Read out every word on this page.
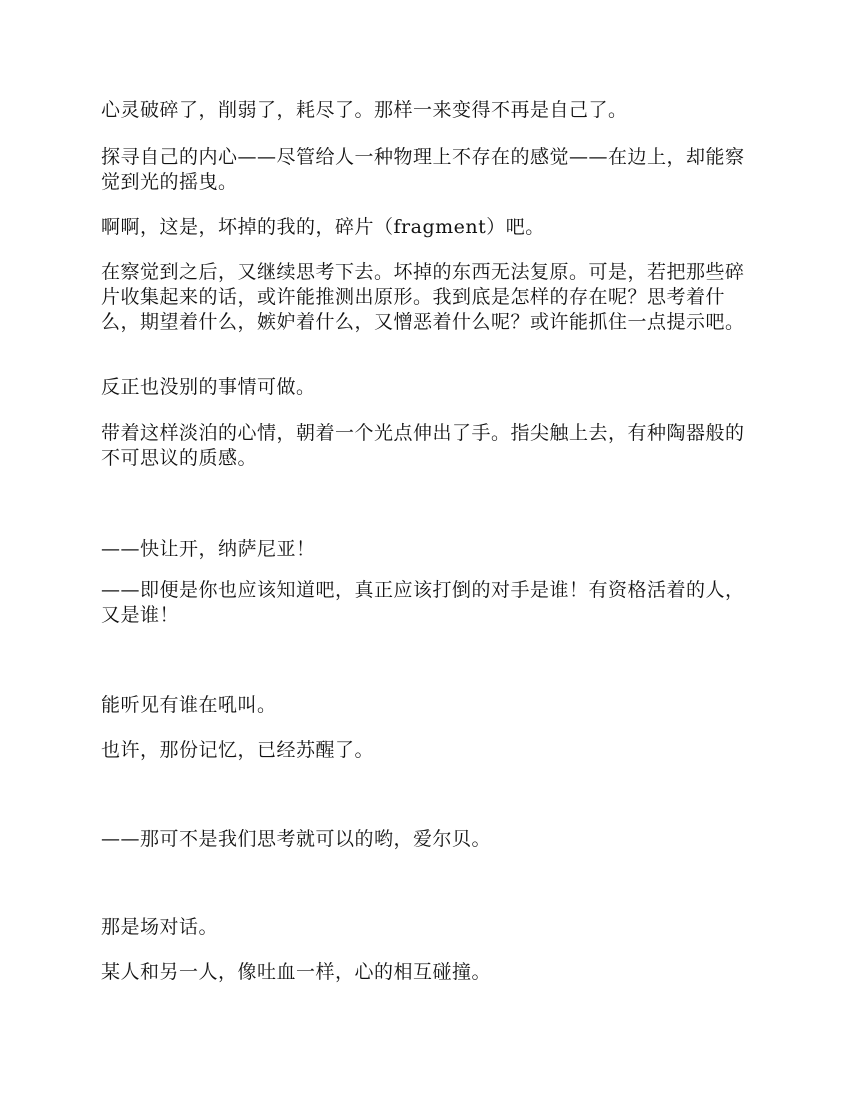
心灵破碎了，削弱了，耗尽了。那样一来变得不再是自己了。

探寻自己的内心——尽管给人一种物理上不存在的感觉——在边上，却能察觉到光的摇曳。

啊啊，这是，坏掉的我的，碎片（fragment）吧。

在察觉到之后，又继续思考下去。坏掉的东西无法复原。可是，若把那些碎片收集起来的话，或许能推测出原形。我到底是怎样的存在呢？思考着什么，期望着什么，嫉妒着什么，又憎恶着什么呢？或许能抓住一点提示吧。

反正也没别的事情可做。

带着这样淡泊的心情，朝着一个光点伸出了手。指尖触上去，有种陶器般的不可思议的质感。

——快让开，纳萨尼亚！

——即便是你也应该知道吧，真正应该打倒的对手是谁！有资格活着的人，又是谁！

能听见有谁在吼叫。

也许，那份记忆，已经苏醒了。

——那可不是我们思考就可以的哟，爱尔贝。

那是场对话。

某人和另一人，像吐血一样，心的相互碰撞。
